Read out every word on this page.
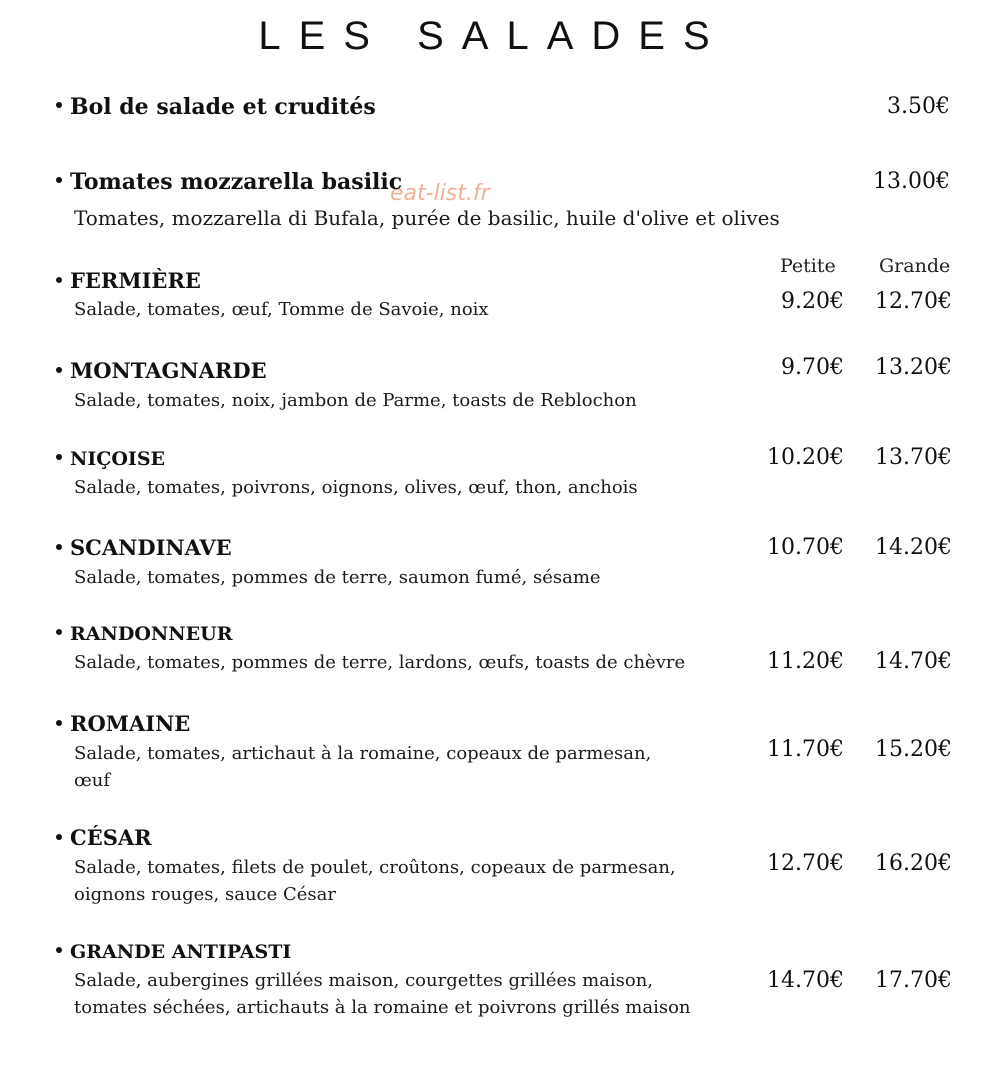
LES SALADES
eat-list.fr
Bol de salade et crudités	3.50€
Tomates mozzarella basilic	13.00€
Tomates, mozzarella di Bufala, purée de basilic, huile d'olive et olives
Petite Grande
FERMIÈRE
Salade, tomates, œuf, Tomme de Savoie, noix	9.20€ 12.70€
MONTAGNARDE
Salade, tomates, noix, jambon de Parme, toasts de Reblochon
9.70€ 13.20€
NIÇOISE
Salade, tomates, poivrons, oignons, olives, œuf, thon, anchois
10.20€ 13.70€
SCANDINAVE
Salade, tomates, pommes de terre, saumon fumé, sésame
10.70€ 14.20€
RANDONNEUR
Salade, tomates, pommes de terre, lardons, œufs, toasts de chèvre	11.20€ 14.70€
ROMAINE
Salade, tomates, artichaut à la romaine, copeaux de parmesan,
œuf
11.70€ 15.20€
CÉSAR
Salade, tomates, filets de poulet, croûtons, copeaux de parmesan,
oignons rouges, sauce César
12.70€ 16.20€
GRANDE ANTIPASTI
Salade, aubergines grillées maison, courgettes grillées maison,
tomates séchées, artichauts à la romaine et poivrons grillés maison
14.70€ 17.70€
